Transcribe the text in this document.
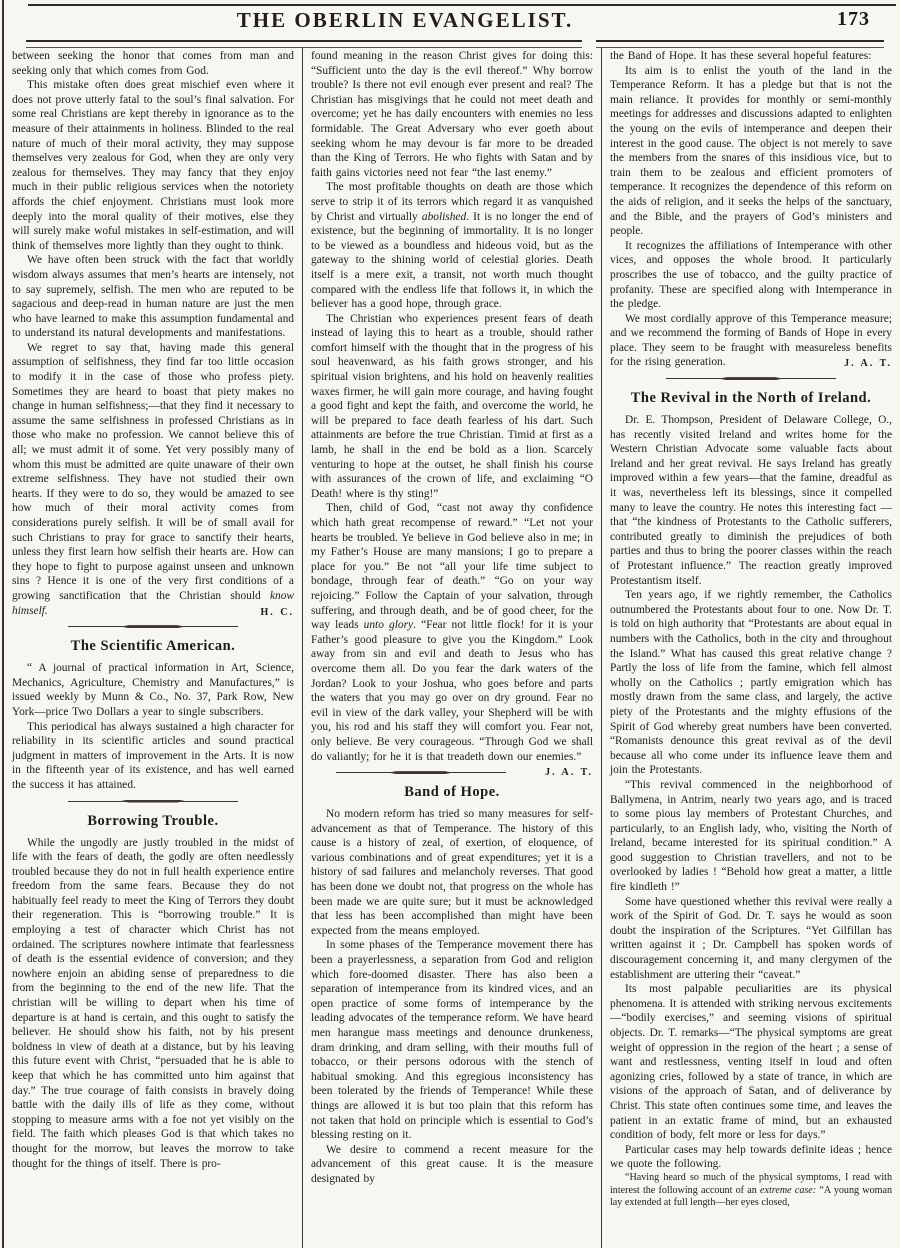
THE OBERLIN EVANGELIST.	173

between seeking the honor that comes from man and seeking only that which comes from God.

This mistake often does great mischief even where it does not prove utterly fatal to the soul’s final salvation. For some real Christians are kept thereby in ignorance as to the measure of their attainments in holiness. Blinded to the real nature of much of their moral activity, they may suppose themselves very zealous for God, when they are only very zealous for themselves. They may fancy that they enjoy much in their public religious services when the notoriety affords the chief enjoyment. Christians must look more deeply into the moral quality of their motives, else they will surely make woful mistakes in self-estimation, and will think of themselves more lightly than they ought to think.

We have often been struck with the fact that worldly wisdom always assumes that men’s hearts are intensely, not to say supremely, selfish. The men who are reputed to be sagacious and deep-read in human nature are just the men who have learned to make this assumption fundamental and to understand its natural developments and manifestations.

We regret to say that, having made this general assumption of selfishness, they find far too little occasion to modify it in the case of those who profess piety. Sometimes they are heard to boast that piety makes no change in human selfishness;—that they find it necessary to assume the same selfishness in professed Christians as in those who make no profession. We cannot believe this of all; we must admit it of some. Yet very possibly many of whom this must be admitted are quite unaware of their own extreme selfishness. They have not studied their own hearts. If they were to do so, they would be amazed to see how much of their moral activity comes from considerations purely selfish. It will be of small avail for such Christians to pray for grace to sanctify their hearts, unless they first learn how selfish their hearts are. How can they hope to fight to purpose against unseen and unknown sins ? Hence it is one of the very first conditions of a growing sanctification that the Christian should know himself.	H. C.

The Scientific American.

“ A journal of practical information in Art, Science, Mechanics, Agriculture, Chemistry and Manufactures,” is issued weekly by Munn & Co., No. 37, Park Row, New York—price Two Dollars a year to single subscribers.

This periodical has always sustained a high character for reliability in its scientific articles and sound practical judgment in matters of improvement in the Arts. It is now in the fifteenth year of its existence, and has well earned the success it has attained.

Borrowing Trouble.

While the ungodly are justly troubled in the midst of life with the fears of death, the godly are often needlessly troubled because they do not in full health experience entire freedom from the same fears. Because they do not habitually feel ready to meet the King of Terrors they doubt their regeneration. This is “borrowing trouble.” It is employing a test of character which Christ has not ordained. The scriptures nowhere intimate that fearlessness of death is the essential evidence of conversion; and they nowhere enjoin an abiding sense of preparedness to die from the beginning to the end of the new life. That the christian will be willing to depart when his time of departure is at hand is certain, and this ought to satisfy the believer. He should show his faith, not by his present boldness in view of death at a distance, but by his leaving this future event with Christ, “persuaded that he is able to keep that which he has committed unto him against that day.” The true courage of faith consists in bravely doing battle with the daily ills of life as they come, without stopping to measure arms with a foe not yet visibly on the field. The faith which pleases God is that which takes no thought for the morrow, but leaves the morrow to take thought for the things of itself. There is pro-

found meaning in the reason Christ gives for doing this: “Sufficient unto the day is the evil thereof.” Why borrow trouble? Is there not evil enough ever present and real? The Christian has misgivings that he could not meet death and overcome; yet he has daily encounters with enemies no less formidable. The Great Adversary who ever goeth about seeking whom he may devour is far more to be dreaded than the King of Terrors. He who fights with Satan and by faith gains victories need not fear “the last enemy.”

The most profitable thoughts on death are those which serve to strip it of its terrors which regard it as vanquished by Christ and virtually abolished. It is no longer the end of existence, but the beginning of immortality. It is no longer to be viewed as a boundless and hideous void, but as the gateway to the shining world of celestial glories. Death itself is a mere exit, a transit, not worth much thought compared with the endless life that follows it, in which the believer has a good hope, through grace.

The Christian who experiences present fears of death instead of laying this to heart as a trouble, should rather comfort himself with the thought that in the progress of his soul heavenward, as his faith grows stronger, and his spiritual vision brightens, and his hold on heavenly realities waxes firmer, he will gain more courage, and having fought a good fight and kept the faith, and overcome the world, he will be prepared to face death fearless of his dart. Such attainments are before the true Christian. Timid at first as a lamb, he shall in the end be bold as a lion. Scarcely venturing to hope at the outset, he shall finish his course with assurances of the crown of life, and exclaiming “O Death! where is thy sting!”

Then, child of God, “cast not away thy confidence which hath great recompense of reward.” “Let not your hearts be troubled. Ye believe in God believe also in me; in my Father’s House are many mansions; I go to prepare a place for you.” Be not “all your life time subject to bondage, through fear of death.” “Go on your way rejoicing.” Follow the Captain of your salvation, through suffering, and through death, and be of good cheer, for the way leads unto glory. “Fear not little flock! for it is your Father’s good pleasure to give you the Kingdom.” Look away from sin and evil and death to Jesus who has overcome them all. Do you fear the dark waters of the Jordan? Look to your Joshua, who goes before and parts the waters that you may go over on dry ground. Fear no evil in view of the dark valley, your Shepherd will be with you, his rod and his staff they will comfort you. Fear not, only believe. Be very courageous. “Through God we shall do valiantly; for he it is that treadeth down our enemies.”
J. A. T.

Band of Hope.

No modern reform has tried so many measures for self-advancement as that of Temperance. The history of this cause is a history of zeal, of exertion, of eloquence, of various combinations and of great expenditures; yet it is a history of sad failures and melancholy reverses. That good has been done we doubt not, that progress on the whole has been made we are quite sure; but it must be acknowledged that less has been accomplished than might have been expected from the means employed.

In some phases of the Temperance movement there has been a prayerlessness, a separation from God and religion which fore-doomed disaster. There has also been a separation of intemperance from its kindred vices, and an open practice of some forms of intemperance by the leading advocates of the temperance reform. We have heard men harangue mass meetings and denounce drunkeness, dram drinking, and dram selling, with their mouths full of tobacco, or their persons odorous with the stench of habitual smoking. And this egregious inconsistency has been tolerated by the friends of Temperance! While these things are allowed it is but too plain that this reform has not taken that hold on principle which is essential to God’s blessing resting on it.

We desire to commend a recent measure for the advancement of this great cause. It is the measure designated by

the Band of Hope. It has these several hopeful features:

Its aim is to enlist the youth of the land in the Temperance Reform. It has a pledge but that is not the main reliance. It provides for monthly or semi-monthly meetings for addresses and discussions adapted to enlighten the young on the evils of intemperance and deepen their interest in the good cause. The object is not merely to save the members from the snares of this insidious vice, but to train them to be zealous and efficient promoters of temperance. It recognizes the dependence of this reform on the aids of religion, and it seeks the helps of the sanctuary, and the Bible, and the prayers of God’s ministers and people.

It recognizes the affiliations of Intemperance with other vices, and opposes the whole brood. It particularly proscribes the use of tobacco, and the guilty practice of profanity. These are specified along with Intemperance in the pledge.

We most cordially approve of this Temperance measure; and we recommend the forming of Bands of Hope in every place. They seem to be fraught with measureless benefits for the rising generation.	J. A. T.

The Revival in the North of Ireland.

Dr. E. Thompson, President of Delaware College, O., has recently visited Ireland and writes home for the Western Christian Advocate some valuable facts about Ireland and her great revival. He says Ireland has greatly improved within a few years—that the famine, dreadful as it was, nevertheless left its blessings, since it compelled many to leave the country. He notes this interesting fact — that “the kindness of Protestants to the Catholic sufferers, contributed greatly to diminish the prejudices of both parties and thus to bring the poorer classes within the reach of Protestant influence.” The reaction greatly improved Protestantism itself.

Ten years ago, if we rightly remember, the Catholics outnumbered the Protestants about four to one. Now Dr. T. is told on high authority that “Protestants are about equal in numbers with the Catholics, both in the city and throughout the Island.” What has caused this great relative change ? Partly the loss of life from the famine, which fell almost wholly on the Catholics ; partly emigration which has mostly drawn from the same class, and largely, the active piety of the Protestants and the mighty effusions of the Spirit of God whereby great numbers have been converted. “Romanists denounce this great revival as of the devil because all who come under its influence leave them and join the Protestants.

“This revival commenced in the neighborhood of Ballymena, in Antrim, nearly two years ago, and is traced to some pious lay members of Protestant Churches, and particularly, to an English lady, who, visiting the North of Ireland, became interested for its spiritual condition.” A good suggestion to Christian travellers, and not to be overlooked by ladies ! “Behold how great a matter, a little fire kindleth !”

Some have questioned whether this revival were really a work of the Spirit of God. Dr. T. says he would as soon doubt the inspiration of the Scriptures. “Yet Gilfillan has written against it ; Dr. Campbell has spoken words of discouragement concerning it, and many clergymen of the establishment are uttering their “caveat.”

Its most palpable peculiarities are its physical phenomena. It is attended with striking nervous excitements—“bodily exercises,” and seeming visions of spiritual objects. Dr. T. remarks—“The physical symptoms are great weight of oppression in the region of the heart ; a sense of want and restlessness, venting itself in loud and often agonizing cries, followed by a state of trance, in which are visions of the approach of Satan, and of deliverance by Christ. This state often continues some time, and leaves the patient in an extatic frame of mind, but an exhausted condition of body, felt more or less for days.”

Particular cases may help towards definite ideas ; hence we quote the following.

“Having heard so much of the physical symptoms, I read with interest the following account of an extreme case: “A young woman lay extended at full length—her eyes closed,
